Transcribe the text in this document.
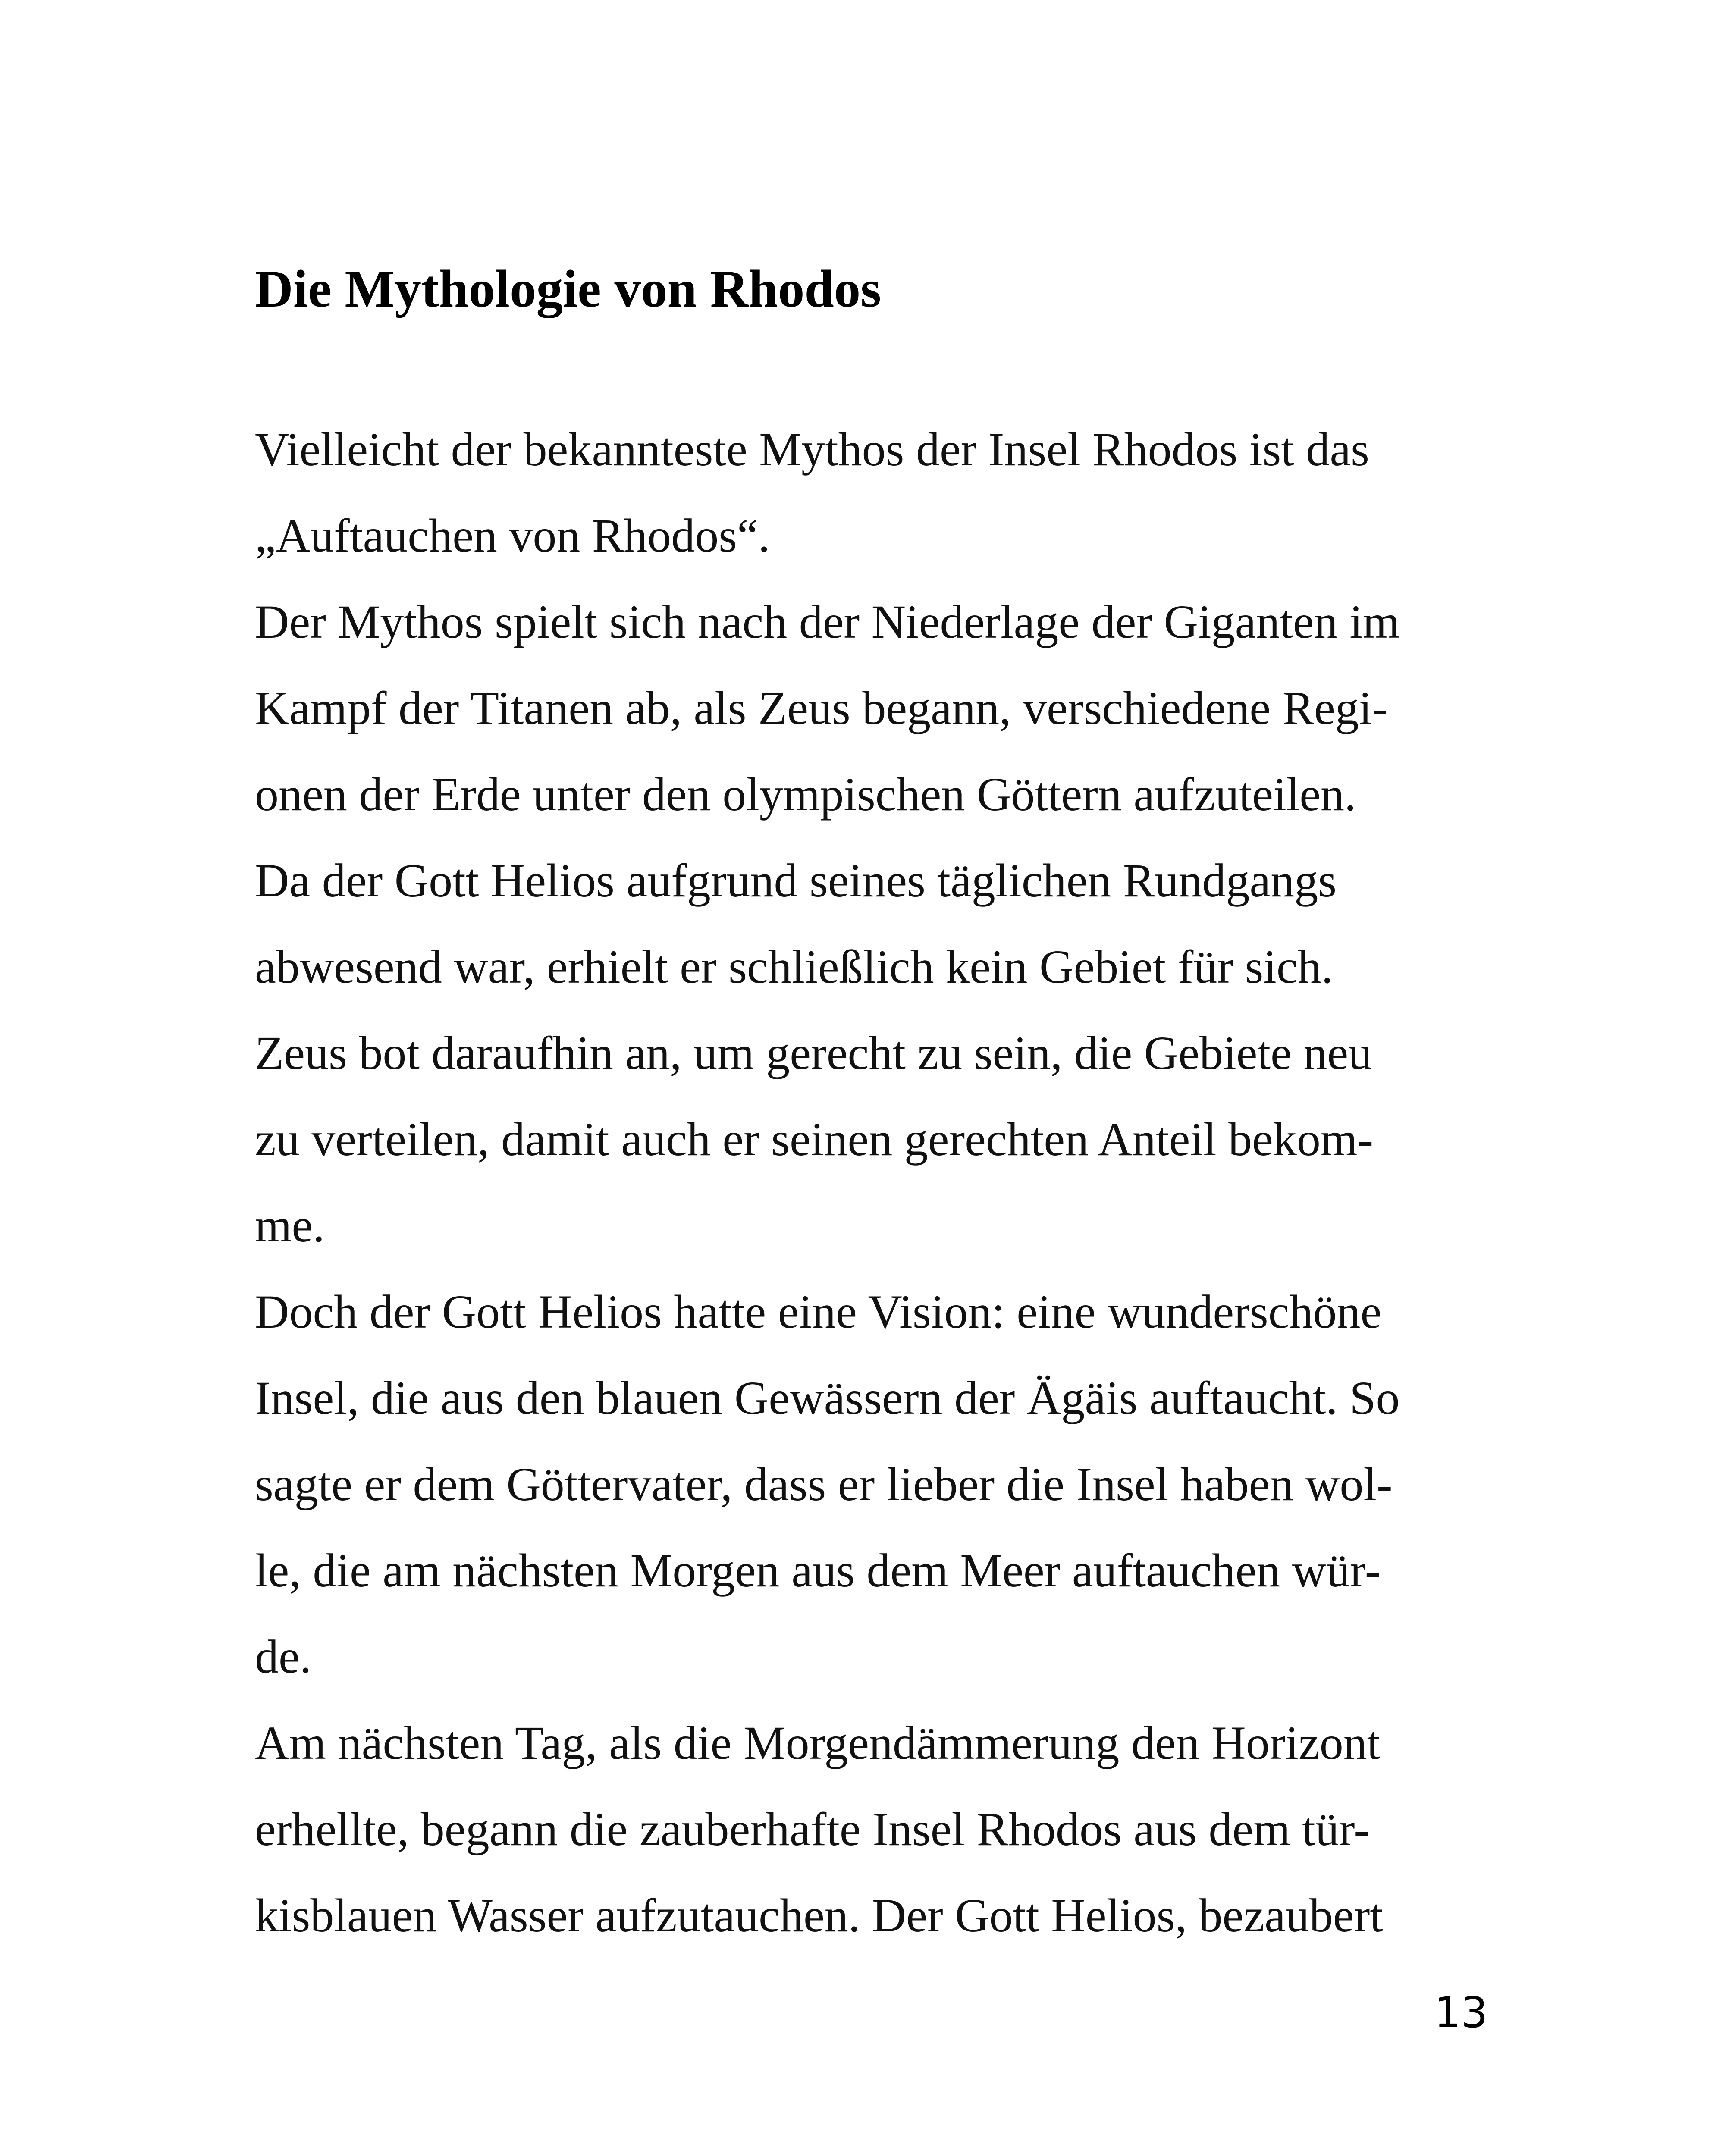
Die Mythologie von Rhodos
Vielleicht der bekannteste Mythos der Insel Rhodos ist das
„Auftauchen von Rhodos“.
Der Mythos spielt sich nach der Niederlage der Giganten im
Kampf der Titanen ab, als Zeus begann, verschiedene Regi-
onen der Erde unter den olympischen Göttern aufzuteilen.
Da der Gott Helios aufgrund seines täglichen Rundgangs
abwesend war, erhielt er schließlich kein Gebiet für sich.
Zeus bot daraufhin an, um gerecht zu sein, die Gebiete neu
zu verteilen, damit auch er seinen gerechten Anteil bekom-
me.
Doch der Gott Helios hatte eine Vision: eine wunderschöne
Insel, die aus den blauen Gewässern der Ägäis auftaucht. So
sagte er dem Göttervater, dass er lieber die Insel haben wol-
le, die am nächsten Morgen aus dem Meer auftauchen wür-
de.
Am nächsten Tag, als die Morgendämmerung den Horizont
erhellte, begann die zauberhafte Insel Rhodos aus dem tür-
kisblauen Wasser aufzutauchen. Der Gott Helios, bezaubert
13
